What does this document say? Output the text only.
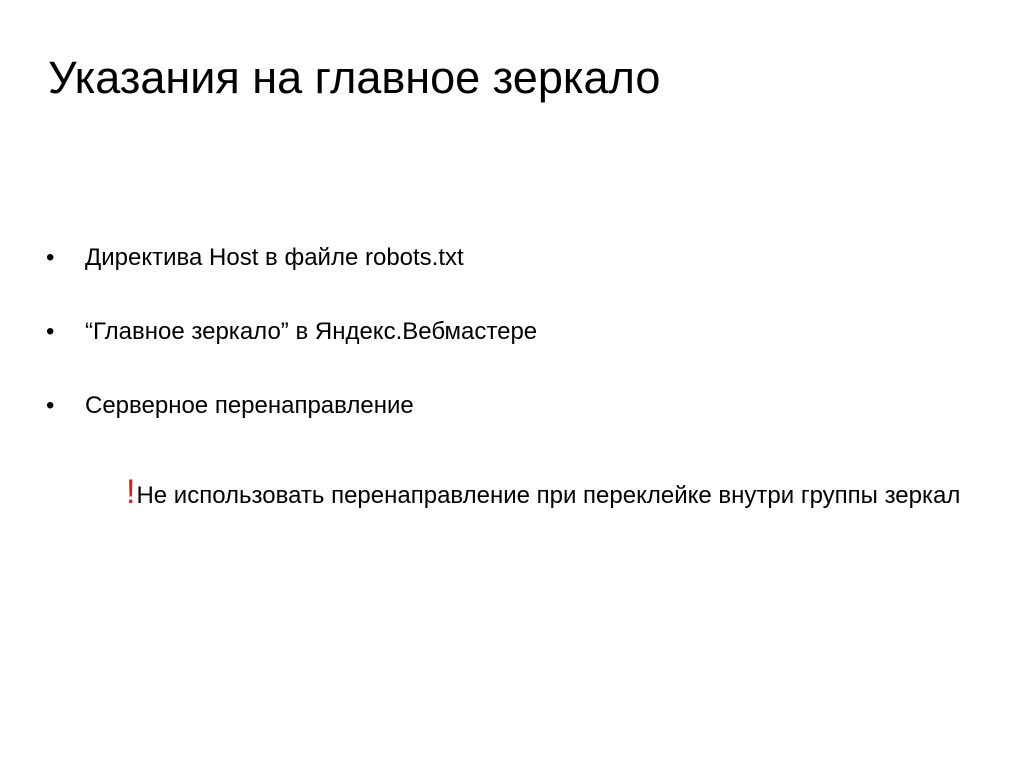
Указания на главное зеркало
•	Директива Host в файле robots.txt
•	“Главное зеркало” в Яндекс.Вебмастере
•	Серверное перенаправление
!Не использовать перенаправление при переклейке внутри группы зеркал
